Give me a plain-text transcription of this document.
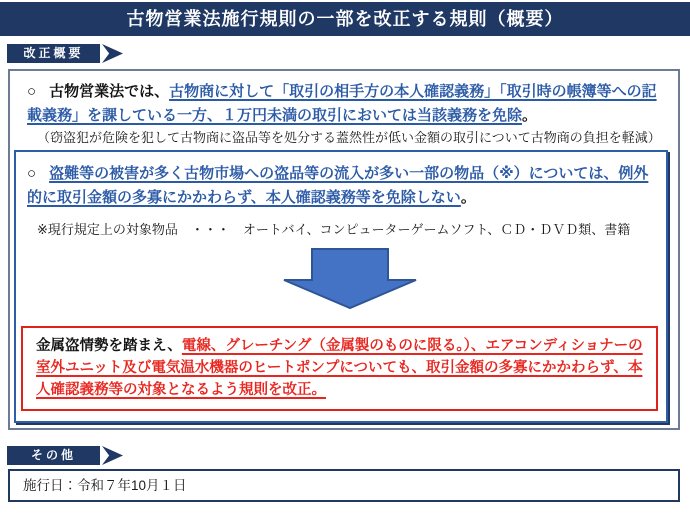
古物営業法施行規則の一部を改正する規則（概要）
改正概要

○ 古物営業法では、古物商に対して「取引の相手方の本人確認義務」「取引時の帳簿等への記載義務」を課している一方、１万円未満の取引においては当該義務を免除。

（窃盗犯が危険を犯して古物商に盗品等を処分する蓋然性が低い金額の取引について古物商の負担を軽減）

○ 盗難等の被害が多く古物市場への盗品等の流入が多い一部の物品（※）については、例外的に取引金額の多寡にかかわらず、本人確認義務等を免除しない。

※現行規定上の対象物品　・・・　オートバイ、コンピューターゲームソフト、ＣＤ・ＤＶＤ類、書籍

金属盗情勢を踏まえ、電線、グレーチング（金属製のものに限る。）、エアコンディショナーの室外ユニット及び電気温水機器のヒートポンプについても、取引金額の多寡にかかわらず、本人確認義務等の対象となるよう規則を改正。
その他
施行日：令和７年10月１日
